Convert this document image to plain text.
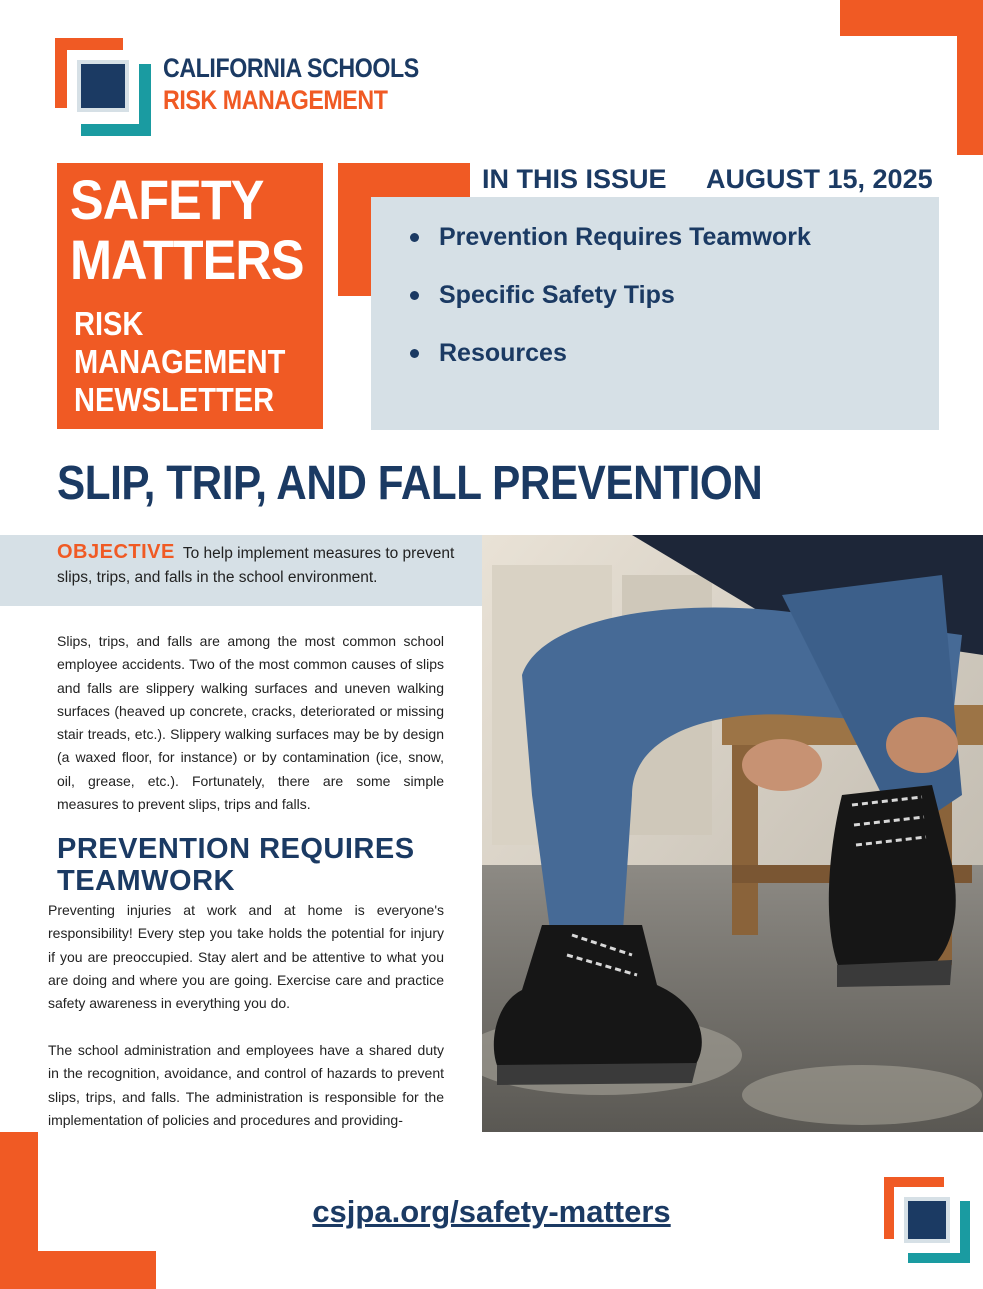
CALIFORNIA SCHOOLS
RISK MANAGEMENT
SAFETY
MATTERS
RISK
MANAGEMENT
NEWSLETTER
IN THIS ISSUE AUGUST 15, 2025
Prevention Requires Teamwork
Specific Safety Tips
Resources
SLIP, TRIP, AND FALL PREVENTION
OBJECTIVE To help implement measures to prevent slips, trips, and falls in the school environment.
Slips, trips, and falls are among the most common school employee accidents. Two of the most common causes of slips and falls are slippery walking surfaces and uneven walking surfaces (heaved up concrete, cracks, deteriorated or missing stair treads, etc.). Slippery walking surfaces may be by design (a waxed floor, for instance) or by contamination (ice, snow, oil, grease, etc.). Fortunately, there are some simple measures to prevent slips, trips and falls.
PREVENTION REQUIRES
TEAMWORK
Preventing injuries at work and at home is everyone's responsibility! Every step you take holds the potential for injury if you are preoccupied. Stay alert and be attentive to what you are doing and where you are going. Exercise care and practice safety awareness in everything you do.
The school administration and employees have a shared duty in the recognition, avoidance, and control of hazards to prevent slips, trips, and falls. The administration is responsible for the implementation of policies and procedures and providing-
csjpa.org/safety-matters
